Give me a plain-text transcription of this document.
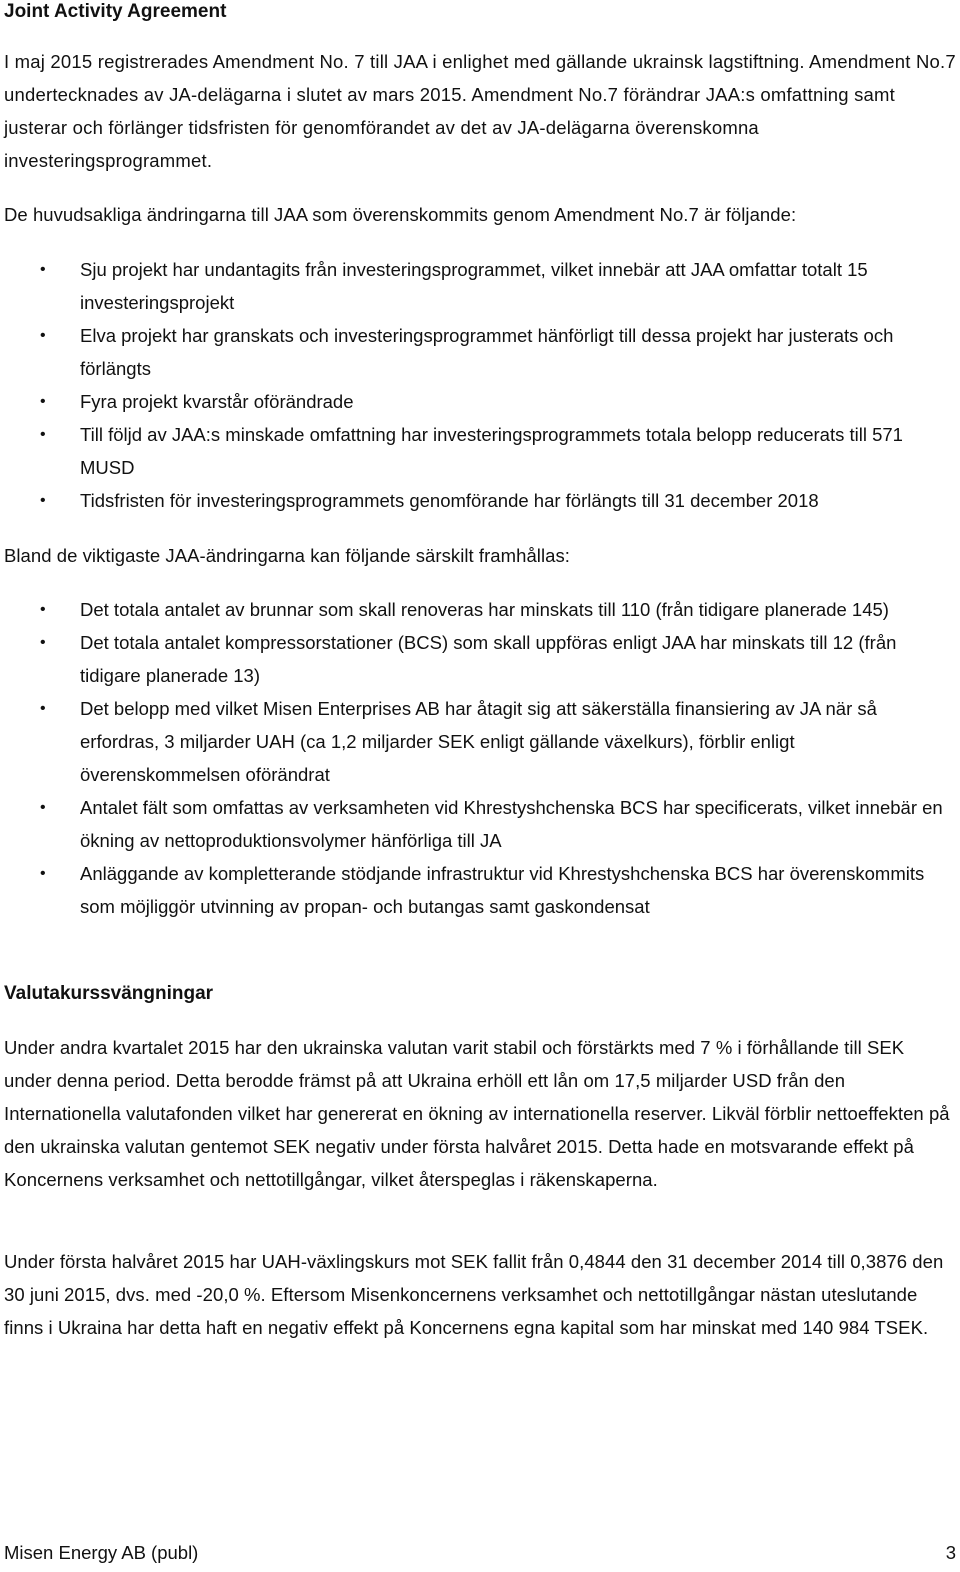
Joint Activity Agreement

I maj 2015 registrerades Amendment No. 7 till JAA i enlighet med gällande ukrainsk lagstiftning. Amendment No.7 undertecknades av JA-delägarna i slutet av mars 2015. Amendment No.7 förändrar JAA:s omfattning samt justerar och förlänger tidsfristen för genomförandet av det av JA-delägarna överenskomna investeringsprogrammet.

De huvudsakliga ändringarna till JAA som överenskommits genom Amendment No.7 är följande:

• Sju projekt har undantagits från investeringsprogrammet, vilket innebär att JAA omfattar totalt 15 investeringsprojekt
• Elva projekt har granskats och investeringsprogrammet hänförligt till dessa projekt har justerats och förlängts
• Fyra projekt kvarstår oförändrade
• Till följd av JAA:s minskade omfattning har investeringsprogrammets totala belopp reducerats till 571 MUSD
• Tidsfristen för investeringsprogrammets genomförande har förlängts till 31 december 2018

Bland de viktigaste JAA-ändringarna kan följande särskilt framhållas:

• Det totala antalet av brunnar som skall renoveras har minskats till 110 (från tidigare planerade 145)
• Det totala antalet kompressorstationer (BCS) som skall uppföras enligt JAA har minskats till 12 (från tidigare planerade 13)
• Det belopp med vilket Misen Enterprises AB har åtagit sig att säkerställa finansiering av JA när så erfordras, 3 miljarder UAH (ca 1,2 miljarder SEK enligt gällande växelkurs), förblir enligt överenskommelsen oförändrat
• Antalet fält som omfattas av verksamheten vid Khrestyshchenska BCS har specificerats, vilket innebär en ökning av nettoproduktionsvolymer hänförliga till JA
• Anläggande av kompletterande stödjande infrastruktur vid Khrestyshchenska BCS har överenskommits som möjliggör utvinning av propan- och butangas samt gaskondensat
Valutakurssvängningar

Under andra kvartalet 2015 har den ukrainska valutan varit stabil och förstärkts med 7 % i förhållande till SEK under denna period. Detta berodde främst på att Ukraina erhöll ett lån om 17,5 miljarder USD från den Internationella valutafonden vilket har genererat en ökning av internationella reserver. Likväl förblir nettoeffekten på den ukrainska valutan gentemot SEK negativ under första halvåret 2015. Detta hade en motsvarande effekt på Koncernens verksamhet och nettotillgångar, vilket återspeglas i räkenskaperna.

Under första halvåret 2015 har UAH-växlingskurs mot SEK fallit från 0,4844 den 31 december 2014 till 0,3876 den 30 juni 2015, dvs. med -20,0 %. Eftersom Misenkoncernens verksamhet och nettotillgångar nästan uteslutande finns i Ukraina har detta haft en negativ effekt på Koncernens egna kapital som har minskat med 140 984 TSEK.

Misen Energy AB (publ)	3
